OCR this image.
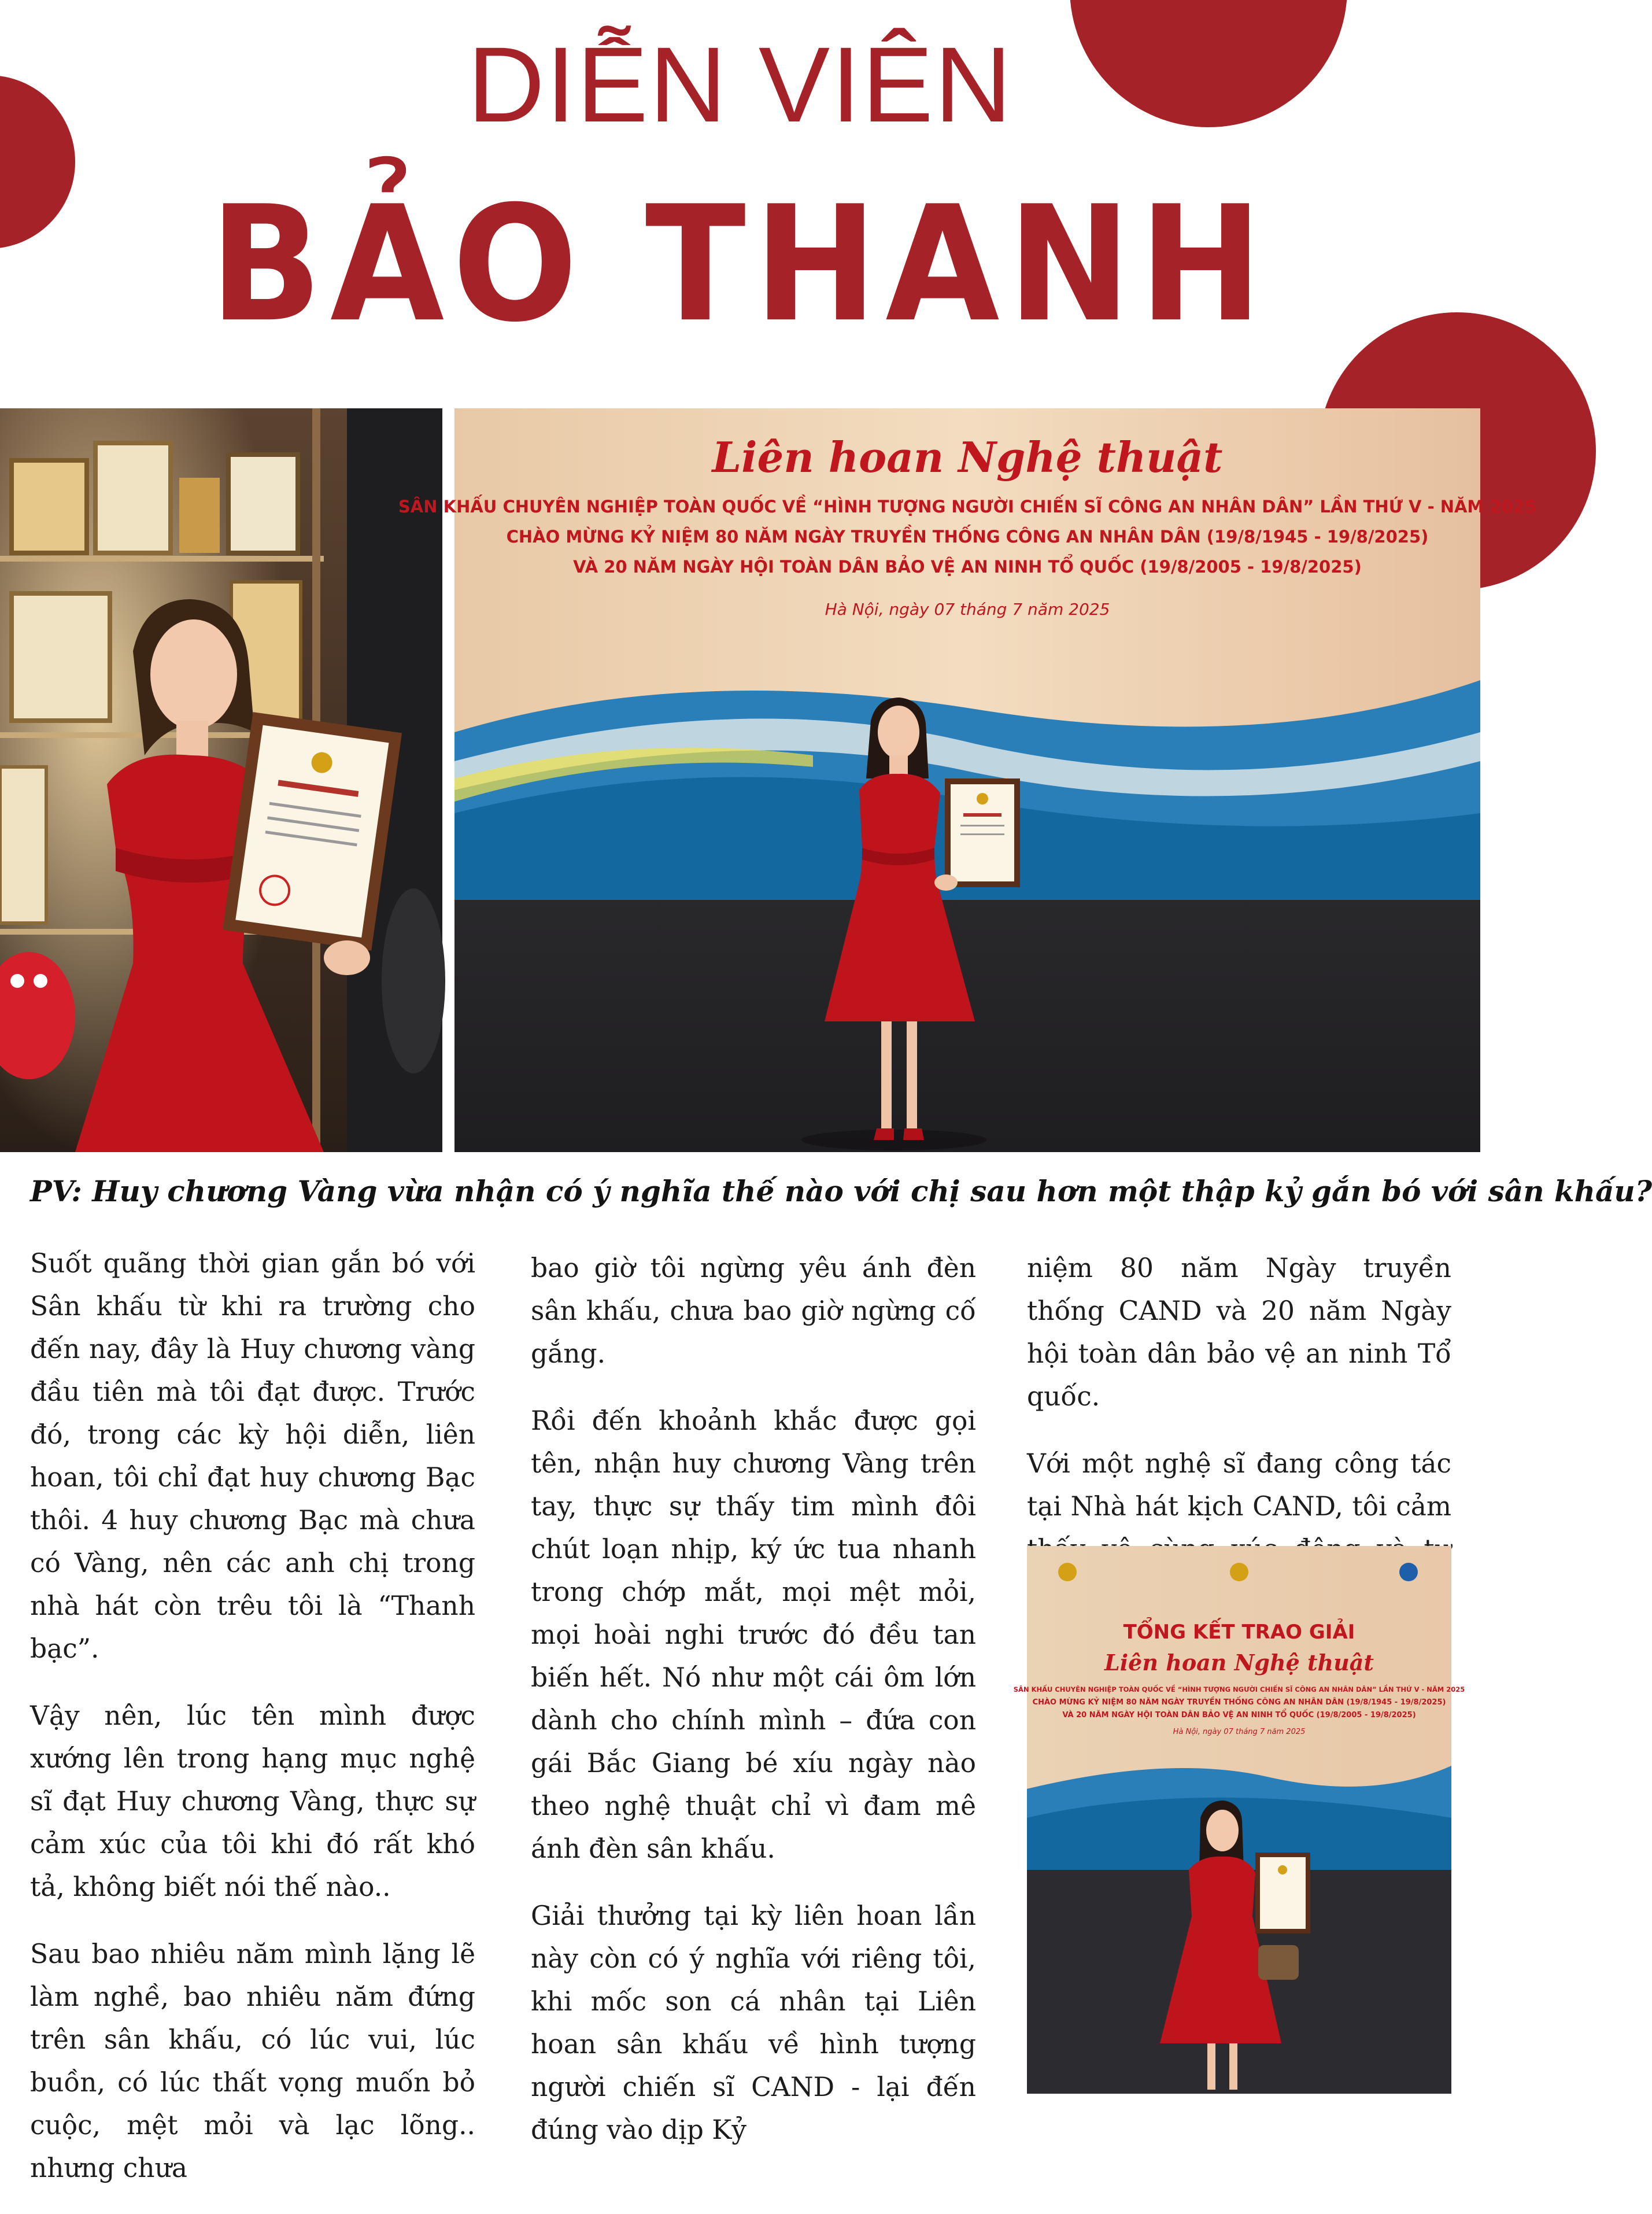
DIỄN VIÊN
BẢO THANH
Liên hoan Nghệ thuật
SÂN KHẤU CHUYÊN NGHIỆP TOÀN QUỐC VỀ “HÌNH TƯỢNG NGƯỜI CHIẾN SĨ CÔNG AN NHÂN DÂN” LẦN THỨ V - NĂM 2025
CHÀO MỪNG KỶ NIỆM 80 NĂM NGÀY TRUYỀN THỐNG CÔNG AN NHÂN DÂN (19/8/1945 - 19/8/2025)
VÀ 20 NĂM NGÀY HỘI TOÀN DÂN BẢO VỆ AN NINH TỔ QUỐC (19/8/2005 - 19/8/2025)
Hà Nội, ngày 07 tháng 7 năm 2025
PV: Huy chương Vàng vừa nhận có ý nghĩa thế nào với chị sau hơn một thập kỷ gắn bó với sân khấu?

Suốt quãng thời gian gắn bó với Sân khấu từ khi ra trường cho đến nay, đây là Huy chương vàng đầu tiên mà tôi đạt được. Trước đó, trong các kỳ hội diễn, liên hoan, tôi chỉ đạt huy chương Bạc thôi. 4 huy chương Bạc mà chưa có Vàng, nên các anh chị trong nhà hát còn trêu tôi là “Thanh bạc”.

Vậy nên, lúc tên mình được xướng lên trong hạng mục nghệ sĩ đạt Huy chương Vàng, thực sự cảm xúc của tôi khi đó rất khó tả, không biết nói thế nào..

Sau bao nhiêu năm mình lặng lẽ làm nghề, bao nhiêu năm đứng trên sân khấu, có lúc vui, lúc buồn, có lúc thất vọng muốn bỏ cuộc, mệt mỏi và lạc lõng.. nhưng chưa

bao giờ tôi ngừng yêu ánh đèn sân khấu, chưa bao giờ ngừng cố gắng.

Rồi đến khoảnh khắc được gọi tên, nhận huy chương Vàng trên tay, thực sự thấy tim mình đôi chút loạn nhịp, ký ức tua nhanh trong chớp mắt, mọi mệt mỏi, mọi hoài nghi trước đó đều tan biến hết. Nó như một cái ôm lớn dành cho chính mình – đứa con gái Bắc Giang bé xíu ngày nào theo nghệ thuật chỉ vì đam mê ánh đèn sân khấu.

Giải thưởng tại kỳ liên hoan lần này còn có ý nghĩa với riêng tôi, khi mốc son cá nhân tại Liên hoan sân khấu về hình tượng người chiến sĩ CAND - lại đến đúng vào dịp Kỷ

niệm 80 năm Ngày truyền thống CAND và 20 năm Ngày hội toàn dân bảo vệ an ninh Tổ quốc.

Với một nghệ sĩ đang công tác tại Nhà hát kịch CAND, tôi cảm

TỔNG KẾT TRAO GIẢI
Liên hoan Nghệ thuật
SÂN KHẤU CHUYÊN NGHIỆP TOÀN QUỐC VỀ “HÌNH TƯỢNG NGƯỜI CHIẾN SĨ CÔNG AN NHÂN DÂN” LẦN THỨ V - NĂM 2025
CHÀO MỪNG KỶ NIỆM 80 NĂM NGÀY TRUYỀN THỐNG CÔNG AN NHÂN DÂN (19/8/1945 - 19/8/2025)
VÀ 20 NĂM NGÀY HỘI TOÀN DÂN BẢO VỆ AN NINH TỔ QUỐC (19/8/2005 - 19/8/2025)
Hà Nội, ngày 07 tháng 7 năm 2025
